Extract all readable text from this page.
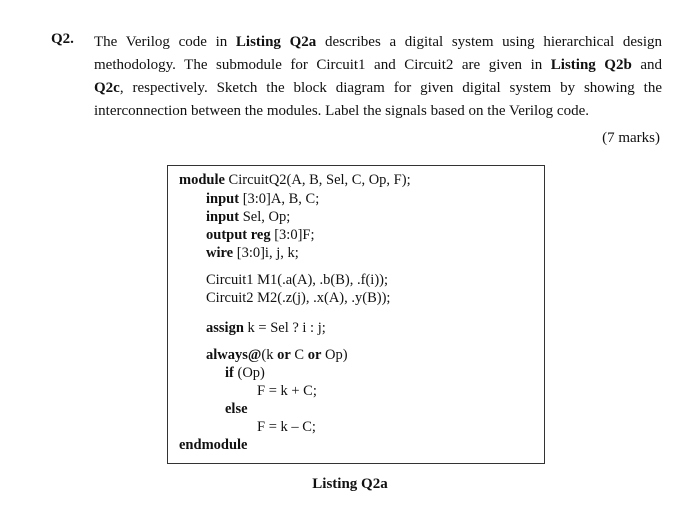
Q2. The Verilog code in Listing Q2a describes a digital system using hierarchical design
methodology. The submodule for Circuit1 and Circuit2 are given in Listing Q2b and
Q2c, respectively. Sketch the block diagram for given digital system by showing the
interconnection between the modules. Label the signals based on the Verilog code.
(7 marks)
module CircuitQ2(A, B, Sel, C, Op, F);
input [3:0]A, B, C;
input Sel, Op;
output reg [3:0]F;
wire [3:0]i, j, k;
Circuit1 M1(.a(A), .b(B), .f(i));
Circuit2 M2(.z(j), .x(A), .y(B));
assign k = Sel ? i : j;
always@(k or C or Op)
if (Op)
F = k + C;
else
F = k – C;
endmodule
Listing Q2a
